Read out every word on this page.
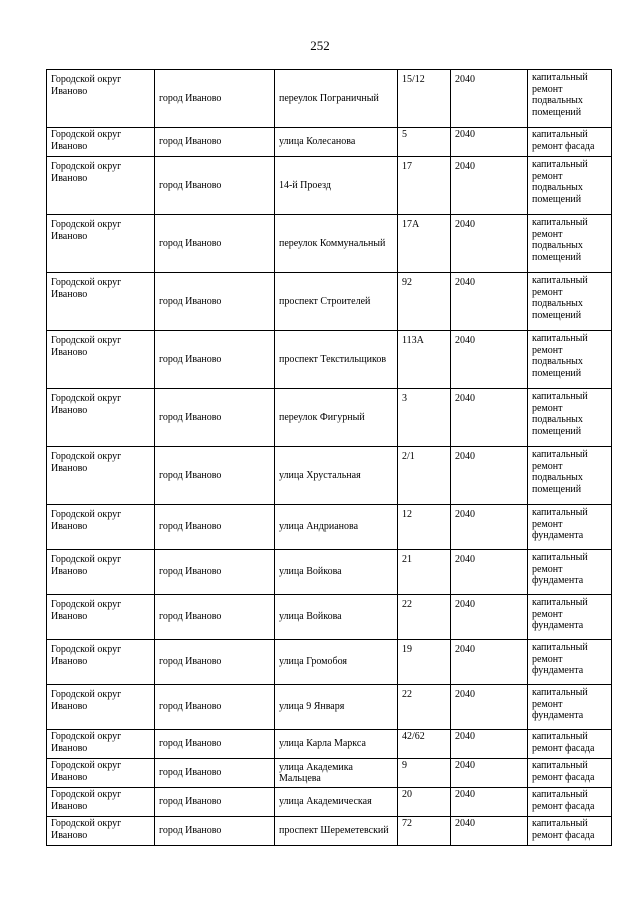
252
Городской округ Иваново	город Иваново	переулок Пограничный	15/12	2040	капитальный ремонт подвальных помещений
Городской округ Иваново	город Иваново	улица Колесанова	5	2040	капитальный ремонт фасада
Городской округ Иваново	город Иваново	14-й Проезд	17	2040	капитальный ремонт подвальных помещений
Городской округ Иваново	город Иваново	переулок Коммунальный	17А	2040	капитальный ремонт подвальных помещений
Городской округ Иваново	город Иваново	проспект Строителей	92	2040	капитальный ремонт подвальных помещений
Городской округ Иваново	город Иваново	проспект Текстильщиков	113А	2040	капитальный ремонт подвальных помещений
Городской округ Иваново	город Иваново	переулок Фигурный	3	2040	капитальный ремонт подвальных помещений
Городской округ Иваново	город Иваново	улица Хрустальная	2/1	2040	капитальный ремонт подвальных помещений
Городской округ Иваново	город Иваново	улица Андрианова	12	2040	капитальный ремонт фундамента
Городской округ Иваново	город Иваново	улица Войкова	21	2040	капитальный ремонт фундамента
Городской округ Иваново	город Иваново	улица Войкова	22	2040	капитальный ремонт фундамента
Городской округ Иваново	город Иваново	улица Громобоя	19	2040	капитальный ремонт фундамента
Городской округ Иваново	город Иваново	улица 9 Января	22	2040	капитальный ремонт фундамента
Городской округ Иваново	город Иваново	улица Карла Маркса	42/62	2040	капитальный ремонт фасада
Городской округ Иваново	город Иваново	улица Академика Мальцева	9	2040	капитальный ремонт фасада
Городской округ Иваново	город Иваново	улица Академическая	20	2040	капитальный ремонт фасада
Городской округ Иваново	город Иваново	проспект Шереметевский	72	2040	капитальный ремонт фасада
